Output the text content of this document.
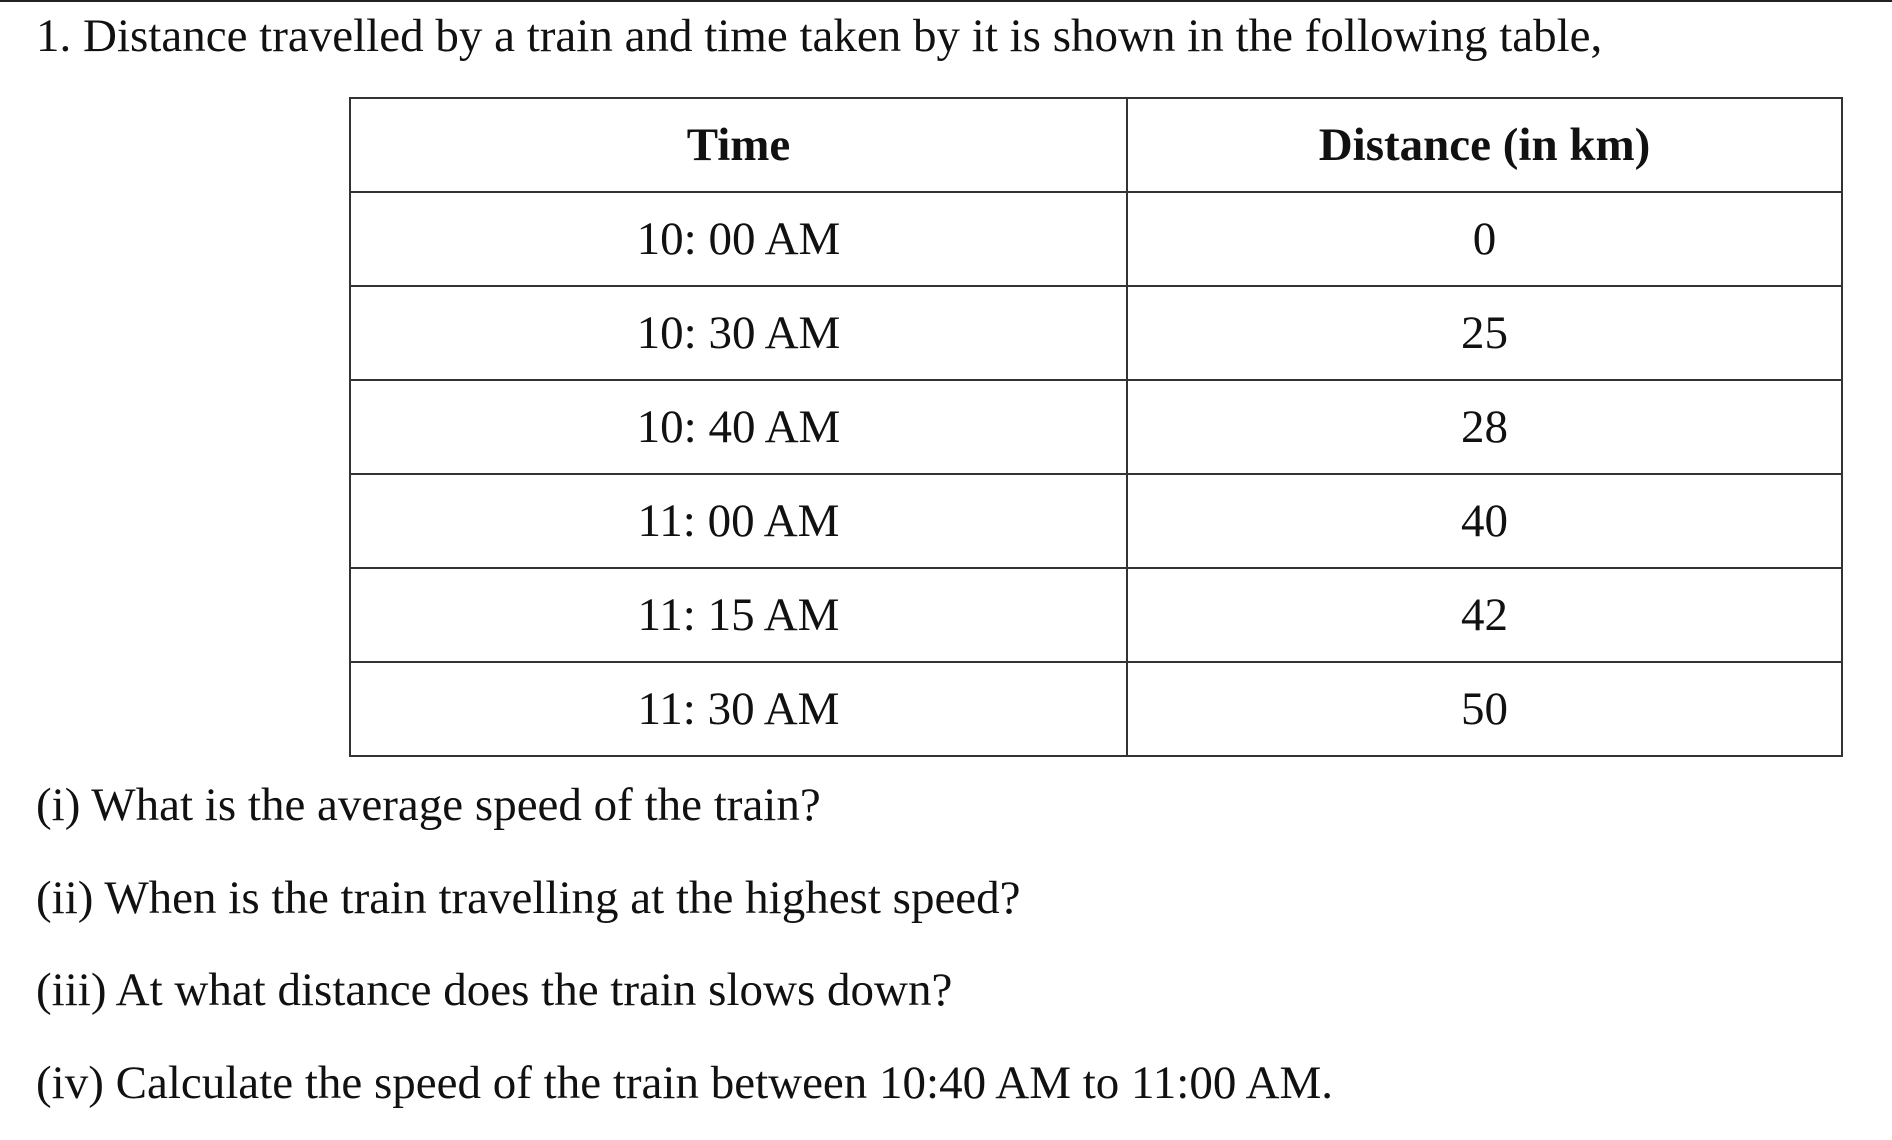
1. Distance travelled by a train and time taken by it is shown in the following table,
Time	Distance (in km)
10: 00 AM	0
10: 30 AM	25
10: 40 AM	28
11: 00 AM	40
11: 15 AM	42
11: 30 AM	50
(i) What is the average speed of the train?
(ii) When is the train travelling at the highest speed?
(iii) At what distance does the train slows down?
(iv) Calculate the speed of the train between 10:40 AM to 11:00 AM.
